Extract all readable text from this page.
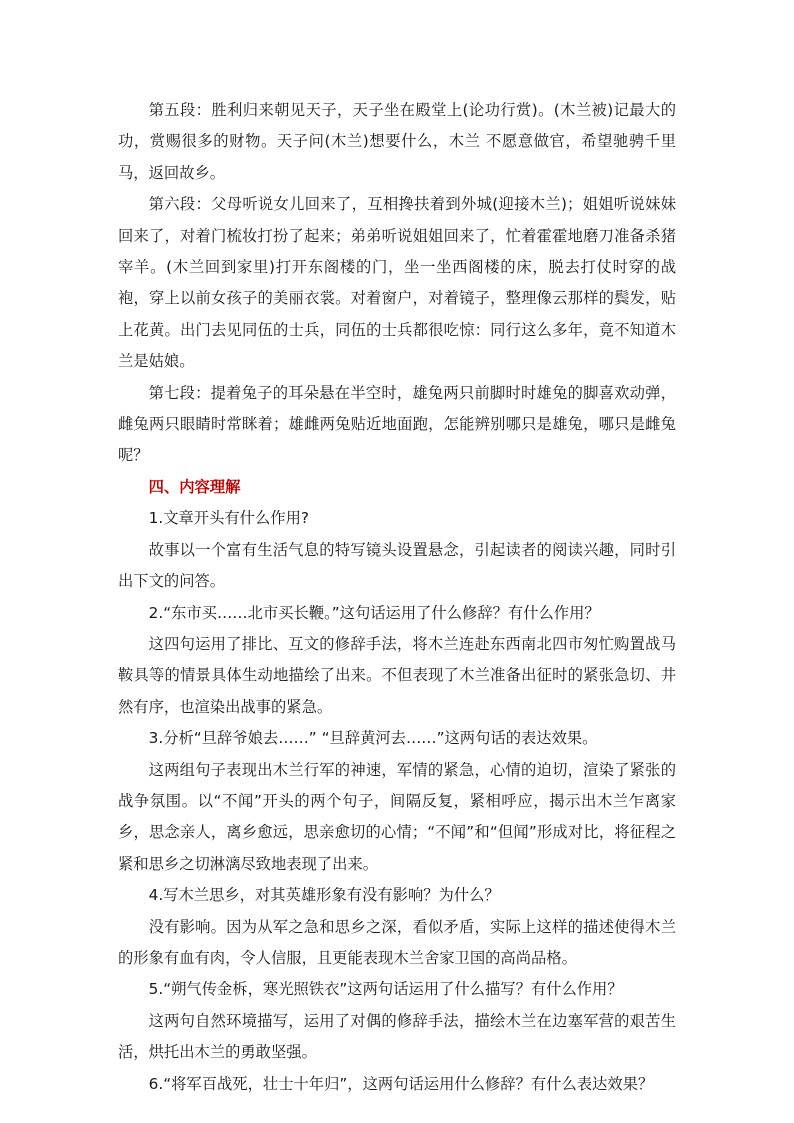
第五段：胜利归来朝见天子，天子坐在殿堂上(论功行赏)。(木兰被)记最大的功，赏赐很多的财物。天子问(木兰)想要什么，木兰 不愿意做官，希望驰骋千里马，返回故乡。

第六段：父母听说女儿回来了，互相搀扶着到外城(迎接木兰)；姐姐听说妹妹回来了，对着门梳妆打扮了起来；弟弟听说姐姐回来了，忙着霍霍地磨刀准备杀猪宰羊。(木兰回到家里)打开东阁楼的门，坐一坐西阁楼的床，脱去打仗时穿的战袍，穿上以前女孩子的美丽衣裳。对着窗户，对着镜子，整理像云那样的鬓发，贴上花黄。出门去见同伍的士兵，同伍的士兵都很吃惊：同行这么多年，竟不知道木兰是姑娘。

第七段：提着兔子的耳朵悬在半空时，雄兔两只前脚时时雄兔的脚喜欢动弹，雌兔两只眼睛时常眯着；雄雌两兔贴近地面跑，怎能辨别哪只是雄兔，哪只是雌兔呢？

四、内容理解

1.文章开头有什么作用?

故事以一个富有生活气息的特写镜头设置悬念，引起读者的阅读兴趣，同时引出下文的问答。

2.“东市买……北市买长鞭。”这句话运用了什么修辞？有什么作用？

这四句运用了排比、互文的修辞手法，将木兰连赴东西南北四市匆忙购置战马鞍具等的情景具体生动地描绘了出来。不但表现了木兰准备出征时的紧张急切、井然有序，也渲染出战事的紧急。

3.分析“旦辞爷娘去……” “旦辞黄河去……”这两句话的表达效果。

这两组句子表现出木兰行军的神速，军情的紧急，心情的迫切，渲染了紧张的战争氛围。以“不闻”开头的两个句子，间隔反复，紧相呼应，揭示出木兰乍离家乡，思念亲人，离乡愈远，思亲愈切的心情；“不闻”和“但闻”形成对比，将征程之紧和思乡之切淋漓尽致地表现了出来。

4.写木兰思乡，对其英雄形象有没有影响？为什么？

没有影响。因为从军之急和思乡之深，看似矛盾，实际上这样的描述使得木兰的形象有血有肉，令人信服，且更能表现木兰舍家卫国的高尚品格。

5.“朔气传金柝，寒光照铁衣”这两句话运用了什么描写？有什么作用？

这两句自然环境描写，运用了对偶的修辞手法，描绘木兰在边塞军营的艰苦生活，烘托出木兰的勇敢坚强。

6.“将军百战死，壮士十年归”，这两句话运用什么修辞？有什么表达效果？
